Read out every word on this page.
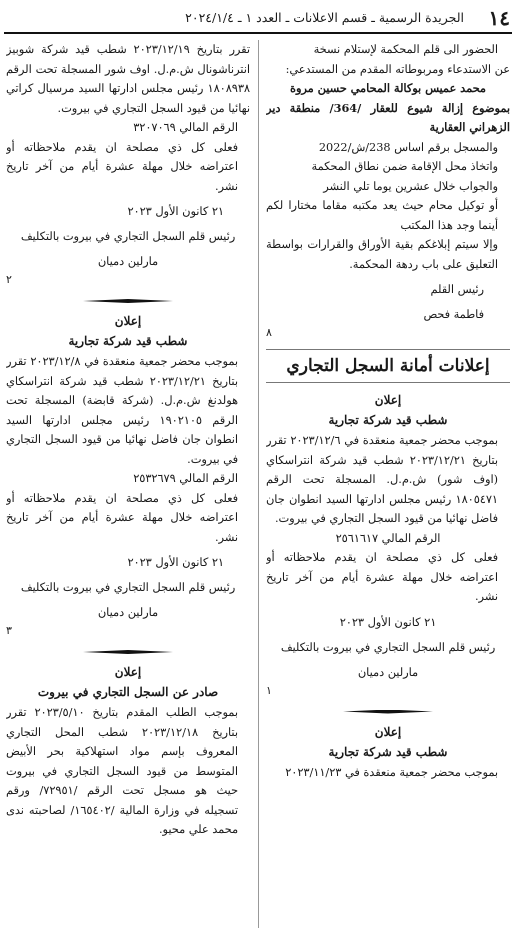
١٤
الجريدة الرسمية ـ قسم الاعلانات ـ العدد ١ ـ ٢٠٢٤/١/٤

الحضور الى قلم المحكمة لإستلام نسخة

عن الاستدعاء ومربوطاته المقدم من المستدعي:

محمد عميس بوكالة المحامي حسين مروة

بموضوع إزالة شيوع للعقار /364/ منطقة دير الزهراني العقارية

والمسجل برقم اساس 238/ش/2022

واتخاذ محل الإقامة ضمن نطاق المحكمة

والجواب خلال عشرين يوما تلي النشر

أو توكيل محام حيث يعد مكتبه مقاما مختارا لكم أينما وجد هذا المكتب

وإلا سيتم إبلاغكم بقية الأوراق والقرارات بواسطة التعليق على باب ردهة المحكمة.

رئيس القلم

فاطمة فحص

٨

إعلانات أمانة السجل التجاري
إعلان
شطب قيد شركة تجارية

بموجب محضر جمعية منعقدة في ٢٠٢٣/١٢/٦ تقرر بتاريخ ٢٠٢٣/١٢/٢١ شطب قيد شركة انتراسكاي (اوف شور) ش.م.ل. المسجلة تحت الرقم ١٨٠٥٤٧١ رئيس مجلس ادارتها السيد انطوان جان فاضل نهائيا من قيود السجل التجاري في بيروت.

الرقم المالي ٢٥٦١٦١٧

فعلى كل ذي مصلحة ان يقدم ملاحظاته أو اعتراضه خلال مهلة عشرة أيام من آخر تاريخ نشر.

٢١ كانون الأول ٢٠٢٣

رئيس قلم السجل التجاري في بيروت بالتكليف

مارلين دميان

١

إعلان
شطب قيد شركة تجارية

بموجب محضر جمعية منعقدة في ٢٠٢٣/١١/٢٣

تقرر بتاريخ ٢٠٢٣/١٢/١٩ شطب قيد شركة شوبيز انترناشونال ش.م.ل. اوف شور المسجلة تحت الرقم ١٨٠٨٩٣٨ رئيس مجلس ادارتها السيد مرسيال كراتي نهائيا من قيود السجل التجاري في بيروت.

الرقم المالي ٣٢٠٧٠٦٩

فعلى كل ذي مصلحة ان يقدم ملاحظاته أو اعتراضه خلال مهلة عشرة أيام من آخر تاريخ نشر.

٢١ كانون الأول ٢٠٢٣

رئيس قلم السجل التجاري في بيروت بالتكليف

مارلين دميان

٢

إعلان
شطب قيد شركة تجارية

بموجب محضر جمعية منعقدة في ٢٠٢٣/١٢/٨ تقرر بتاريخ ٢٠٢٣/١٢/٢١ شطب قيد شركة انتراسكاي هولدنغ ش.م.ل. (شركة قابضة) المسجلة تحت الرقم ١٩٠٢١٠٥ رئيس مجلس ادارتها السيد انطوان جان فاضل نهائيا من قيود السجل التجاري في بيروت.

الرقم المالي ٢٥٣٢٦٧٩

فعلى كل ذي مصلحة ان يقدم ملاحظاته أو اعتراضه خلال مهلة عشرة أيام من آخر تاريخ نشر.

٢١ كانون الأول ٢٠٢٣

رئيس قلم السجل التجاري في بيروت بالتكليف

مارلين دميان

٣

إعلان
صادر عن السجل التجاري في بيروت

بموجب الطلب المقدم بتاريخ ٢٠٢٣/٥/١٠ تقرر بتاريخ ٢٠٢٣/١٢/١٨ شطب المحل التجاري المعروف بإسم مواد استهلاكية بحر الأبيض المتوسط من قيود السجل التجاري في بيروت حيث هو مسجل تحت الرقم /٧٢٩٥١/ ورقم تسجيله في وزارة المالية /١٦٥٤٠٢/ لصاحبته ندى محمد علي محيو.
